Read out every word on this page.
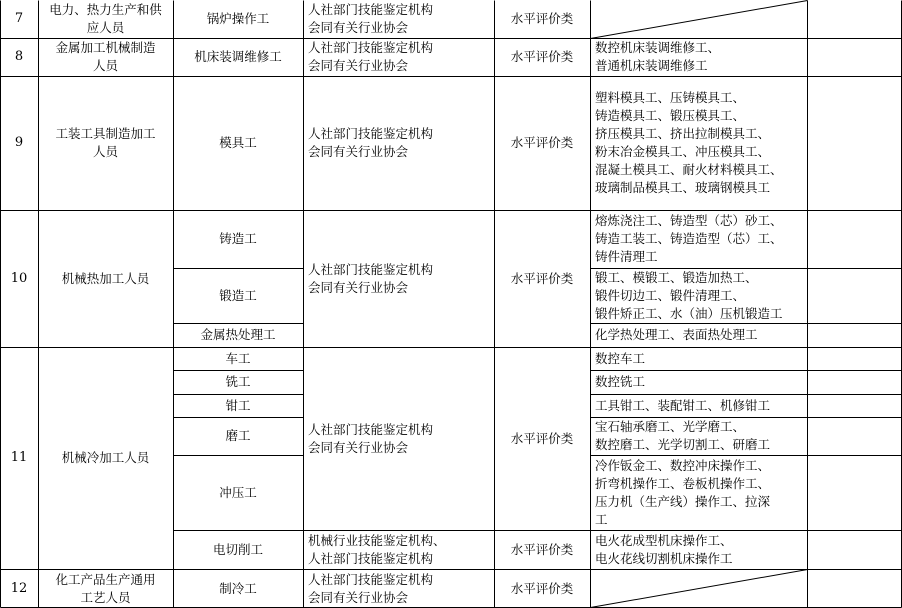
7
电力、热力生产和供
应人员
锅炉操作工
人社部门技能鉴定机构
会同有关行业协会
水平评价类
8
金属加工机械制造
人员
机床装调维修工
人社部门技能鉴定机构
会同有关行业协会
水平评价类
数控机床装调维修工、
普通机床装调维修工
9
工装工具制造加工
人员
模具工
人社部门技能鉴定机构
会同有关行业协会
水平评价类
塑料模具工、压铸模具工、
铸造模具工、锻压模具工、
挤压模具工、挤出拉制模具工、
粉末冶金模具工、冲压模具工、
混凝土模具工、耐火材料模具工、
玻璃制品模具工、玻璃钢模具工
10	机械热加工人员
铸造工
锻造工
金属热处理工
人社部门技能鉴定机构
会同有关行业协会
水平评价类
熔炼浇注工、铸造型（芯）砂工、
铸造工装工、铸造造型（芯）工、
铸件清理工
锻工、模锻工、锻造加热工、
锻件切边工、锻件清理工、
锻件矫正工、水（油）压机锻造工
化学热处理工、表面热处理工
11	机械冷加工人员
车工
铣工
钳工
磨工
冲压工
电切削工
人社部门技能鉴定机构
会同有关行业协会
机械行业技能鉴定机构、
人社部门技能鉴定机构
水平评价类
水平评价类
数控车工
数控铣工
工具钳工、装配钳工、机修钳工
宝石轴承磨工、光学磨工、
数控磨工、光学切割工、研磨工
冷作钣金工、数控冲床操作工、
折弯机操作工、卷板机操作工、
压力机（生产线）操作工、拉深
工
电火花成型机床操作工、
电火花线切割机床操作工
12
化工产品生产通用
工艺人员
制冷工
人社部门技能鉴定机构
会同有关行业协会
水平评价类
